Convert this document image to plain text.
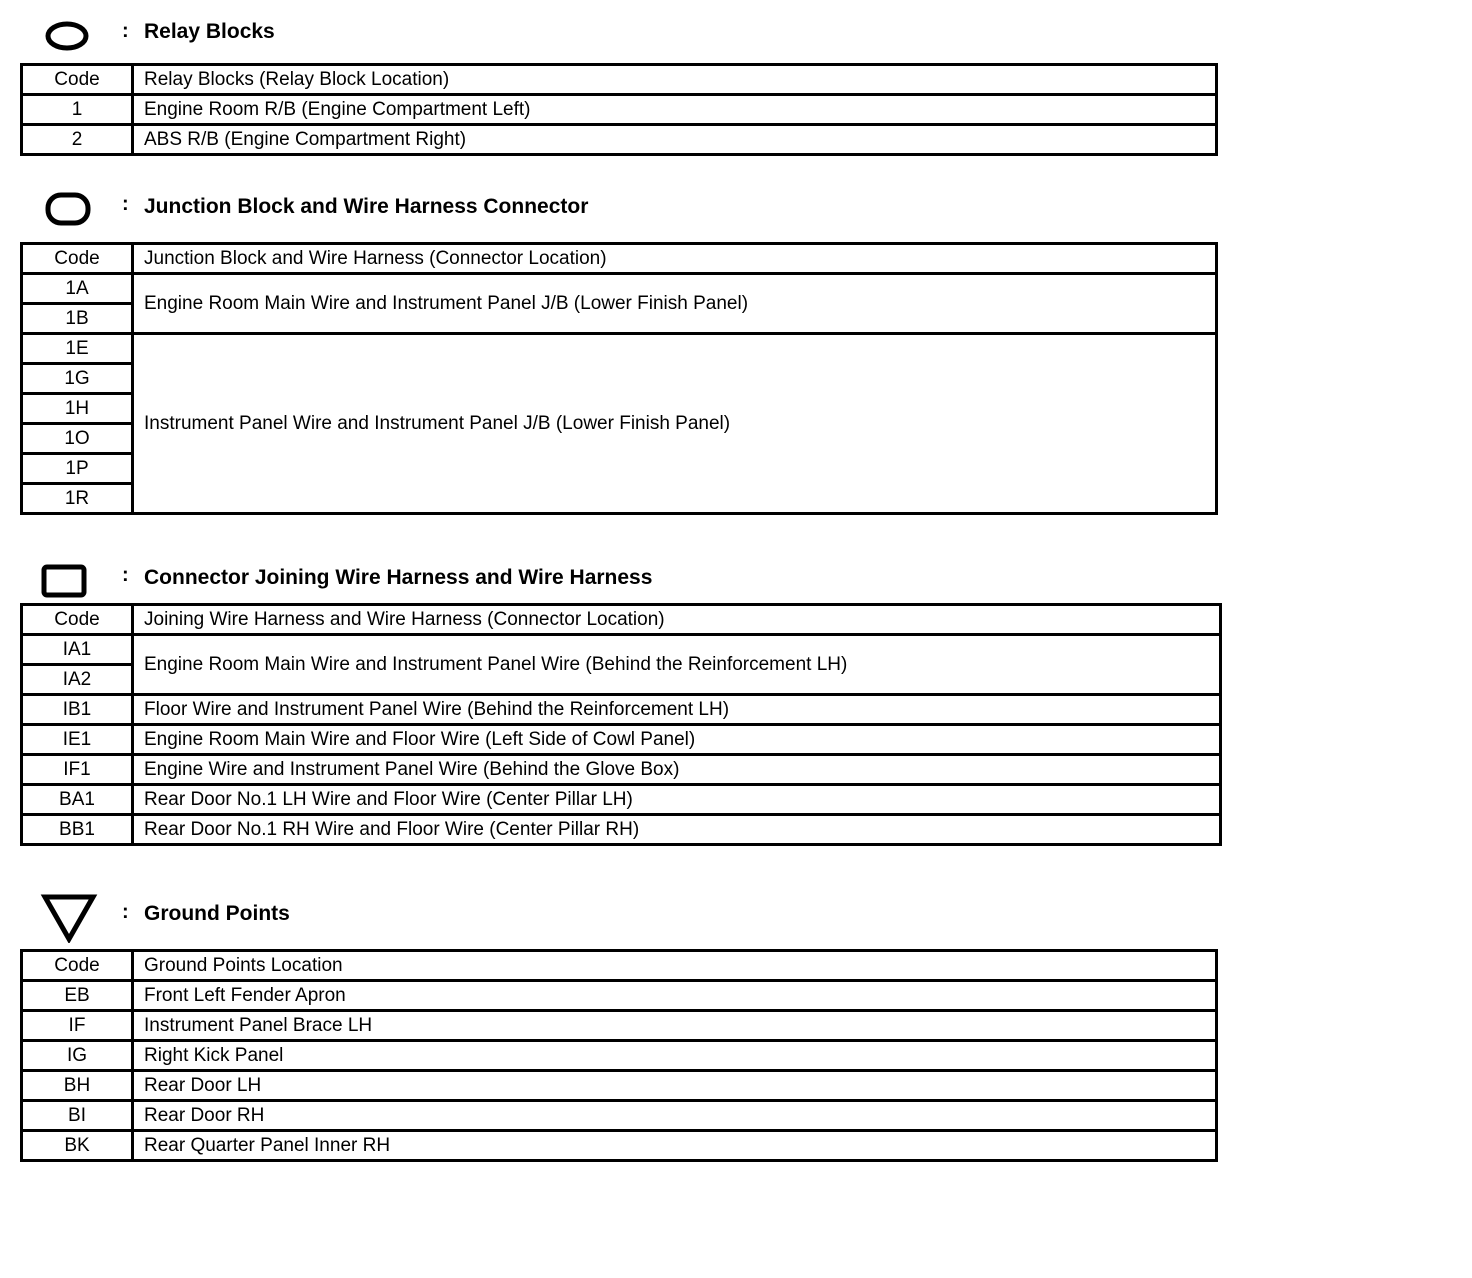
: Relay Blocks
Code	Relay Blocks (Relay Block Location)
1	Engine Room R/B (Engine Compartment Left)
2	ABS R/B (Engine Compartment Right)
: Junction Block and Wire Harness Connector
Code	Junction Block and Wire Harness (Connector Location)
1A	Engine Room Main Wire and Instrument Panel J/B (Lower Finish Panel)
1B	
1E	Instrument Panel Wire and Instrument Panel J/B (Lower Finish Panel)
1G	
1H	
1O	
1P	
1R	
: Connector Joining Wire Harness and Wire Harness
Code	Joining Wire Harness and Wire Harness (Connector Location)
IA1	Engine Room Main Wire and Instrument Panel Wire (Behind the Reinforcement LH)
IA2	
IB1	Floor Wire and Instrument Panel Wire (Behind the Reinforcement LH)
IE1	Engine Room Main Wire and Floor Wire (Left Side of Cowl Panel)
IF1	Engine Wire and Instrument Panel Wire (Behind the Glove Box)
BA1	Rear Door No.1 LH Wire and Floor Wire (Center Pillar LH)
BB1	Rear Door No.1 RH Wire and Floor Wire (Center Pillar RH)
: Ground Points
Code	Ground Points Location
EB	Front Left Fender Apron
IF	Instrument Panel Brace LH
IG	Right Kick Panel
BH	Rear Door LH
BI	Rear Door RH
BK	Rear Quarter Panel Inner RH
